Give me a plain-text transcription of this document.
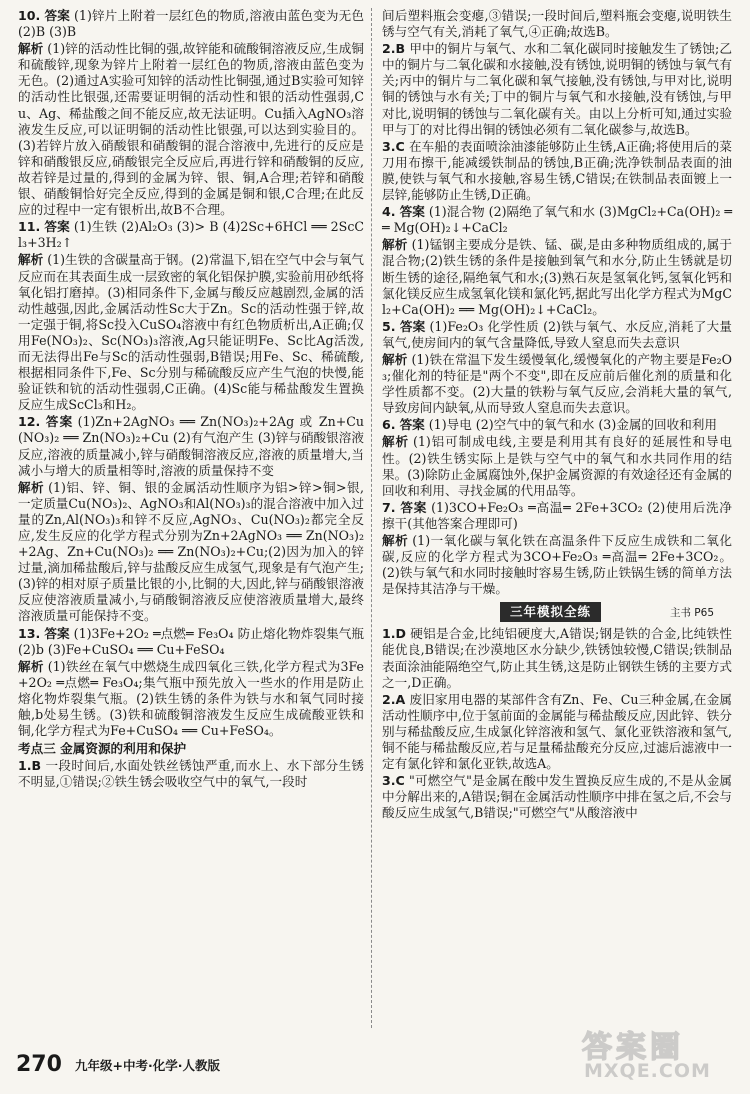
10. 答案 (1)锌片上附着一层红色的物质,溶液由蓝色变为无色 (2)B (3)B
解析 (1)锌的活动性比铜的强,故锌能和硫酸铜溶液反应,生成铜和硫酸锌,现象为锌片上附着一层红色的物质,溶液由蓝色变为无色。(2)通过A实验可知锌的活动性比铜强,通过B实验可知锌的活动性比银强,还需要证明铜的活动性和银的活动性强弱,Cu、Ag、稀盐酸之间不能反应,故无法证明。Cu插入AgNO₃溶液发生反应,可以证明铜的活动性比银强,可以达到实验目的。(3)若锌片放入硝酸银和硝酸铜的混合溶液中,先进行的反应是锌和硝酸银反应,硝酸银完全反应后,再进行锌和硝酸铜的反应,故若锌是过量的,得到的金属为锌、银、铜,A合理;若锌和硝酸银、硝酸铜恰好完全反应,得到的金属是铜和银,C合理;在此反应的过程中一定有银析出,故B不合理。
11. 答案 (1)生铁 (2)Al₂O₃ (3)> B (4)2Sc+6HCl ══ 2ScCl₃+3H₂↑
解析 (1)生铁的含碳量高于钢。(2)常温下,铝在空气中会与氧气反应而在其表面生成一层致密的氧化铝保护膜,实验前用砂纸将氧化铝打磨掉。(3)相同条件下,金属与酸反应越剧烈,金属的活动性越强,因此,金属活动性Sc大于Zn。Sc的活动性强于锌,故一定强于铜,将Sc投入CuSO₄溶液中有红色物质析出,A正确;仅用Fe(NO₃)₂、Sc(NO₃)₃溶液,Ag只能证明Fe、Sc比Ag活泼,而无法得出Fe与Sc的活动性强弱,B错误;用Fe、Sc、稀硫酸,根据相同条件下,Fe、Sc分别与稀硫酸反应产生气泡的快慢,能验证铁和钪的活动性强弱,C正确。(4)Sc能与稀盐酸发生置换反应生成ScCl₃和H₂。
12. 答案 (1)Zn+2AgNO₃ ══ Zn(NO₃)₂+2Ag 或 Zn+Cu(NO₃)₂ ══ Zn(NO₃)₂+Cu (2)有气泡产生 (3)锌与硝酸银溶液反应,溶液的质量减小,锌与硝酸铜溶液反应,溶液的质量增大,当减小与增大的质量相等时,溶液的质量保持不变
解析 (1)铝、锌、铜、银的金属活动性顺序为铝>锌>铜>银,一定质量Cu(NO₃)₂、AgNO₃和Al(NO₃)₃的混合溶液中加入过量的Zn,Al(NO₃)₃和锌不反应,AgNO₃、Cu(NO₃)₂都完全反应,发生反应的化学方程式分别为Zn+2AgNO₃ ══ Zn(NO₃)₂+2Ag、Zn+Cu(NO₃)₂ ══ Zn(NO₃)₂+Cu;(2)因为加入的锌过量,滴加稀盐酸后,锌与盐酸反应生成氢气,现象是有气泡产生;(3)锌的相对原子质量比银的小,比铜的大,因此,锌与硝酸银溶液反应使溶液质量减小,与硝酸铜溶液反应使溶液质量增大,最终溶液质量可能保持不变。
13. 答案 (1)3Fe+2O₂ ═点燃═ Fe₃O₄ 防止熔化物炸裂集气瓶 (2)b (3)Fe+CuSO₄ ══ Cu+FeSO₄
解析 (1)铁丝在氧气中燃烧生成四氧化三铁,化学方程式为3Fe+2O₂ ═点燃═ Fe₃O₄;集气瓶中预先放入一些水的作用是防止熔化物炸裂集气瓶。(2)铁生锈的条件为铁与水和氧气同时接触,b处易生锈。(3)铁和硫酸铜溶液发生反应生成硫酸亚铁和铜,化学方程式为Fe+CuSO₄ ══ Cu+FeSO₄。
考点三 金属资源的利用和保护
1.B 一段时间后,水面处铁丝锈蚀严重,而水上、水下部分生锈不明显,①错误;②铁生锈会吸收空气中的氧气,一段时
间后塑料瓶会变瘪,③错误;一段时间后,塑料瓶会变瘪,说明铁生锈与空气有关,消耗了氧气,④正确;故选B。
2.B 甲中的铜片与氧气、水和二氧化碳同时接触发生了锈蚀;乙中的铜片与二氧化碳和水接触,没有锈蚀,说明铜的锈蚀与氧气有关;丙中的铜片与二氧化碳和氧气接触,没有锈蚀,与甲对比,说明铜的锈蚀与水有关;丁中的铜片与氧气和水接触,没有锈蚀,与甲对比,说明铜的锈蚀与二氧化碳有关。由以上分析可知,通过实验甲与丁的对比得出铜的锈蚀必须有二氧化碳参与,故选B。
3.C 在车船的表面喷涂油漆能够防止生锈,A正确;将使用后的菜刀用布擦干,能减缓铁制品的锈蚀,B正确;洗净铁制品表面的油膜,使铁与氧气和水接触,容易生锈,C错误;在铁制品表面镀上一层锌,能够防止生锈,D正确。
4. 答案 (1)混合物 (2)隔绝了氧气和水 (3)MgCl₂+Ca(OH)₂ ══ Mg(OH)₂↓+CaCl₂
解析 (1)锰钢主要成分是铁、锰、碳,是由多种物质组成的,属于混合物;(2)铁生锈的条件是接触到氧气和水分,防止生锈就是切断生锈的途径,隔绝氧气和水;(3)熟石灰是氢氧化钙,氢氧化钙和氯化镁反应生成氢氧化镁和氯化钙,据此写出化学方程式为MgCl₂+Ca(OH)₂ ══ Mg(OH)₂↓+CaCl₂。
5. 答案 (1)Fe₂O₃ 化学性质 (2)铁与氧气、水反应,消耗了大量氧气,使房间内的氧气含量降低,导致人窒息而失去意识
解析 (1)铁在常温下发生缓慢氧化,缓慢氧化的产物主要是Fe₂O₃;催化剂的特征是"两个不变",即在反应前后催化剂的质量和化学性质都不变。(2)大量的铁粉与氧气反应,会消耗大量的氧气,导致房间内缺氧,从而导致人窒息而失去意识。
6. 答案 (1)导电 (2)空气中的氧气和水 (3)金属的回收和利用
解析 (1)铝可制成电线,主要是利用其有良好的延展性和导电性。(2)铁生锈实际上是铁与空气中的氧气和水共同作用的结果。(3)除防止金属腐蚀外,保护金属资源的有效途径还有金属的回收和利用、寻找金属的代用品等。
7. 答案 (1)3CO+Fe₂O₃ ═高温═ 2Fe+3CO₂ (2)使用后洗净擦干(其他答案合理即可)
解析 (1)一氧化碳与氧化铁在高温条件下反应生成铁和二氧化碳,反应的化学方程式为3CO+Fe₂O₃ ═高温═ 2Fe+3CO₂。(2)铁与氧气和水同时接触时容易生锈,防止铁锅生锈的简单方法是保持其洁净与干燥。
三年模拟全练	主书 P65
1.D 硬铝是合金,比纯铝硬度大,A错误;钢是铁的合金,比纯铁性能优良,B错误;在沙漠地区水分缺少,铁锈蚀较慢,C错误;铁制品表面涂油能隔绝空气,防止其生锈,这是防止钢铁生锈的主要方式之一,D正确。
2.A 废旧家用电器的某部件含有Zn、Fe、Cu三种金属,在金属活动性顺序中,位于氢前面的金属能与稀盐酸反应,因此锌、铁分别与稀盐酸反应,生成氯化锌溶液和氢气、氯化亚铁溶液和氢气,铜不能与稀盐酸反应,若与足量稀盐酸充分反应,过滤后滤液中一定有氯化锌和氯化亚铁,故选A。
3.C "可燃空气"是金属在酸中发生置换反应生成的,不是从金属中分解出来的,A错误;铜在金属活动性顺序中排在氢之后,不会与酸反应生成氢气,B错误;"可燃空气"从酸溶液中
270 九年级+中考·化学·人教版	答案圈
MXQE.COM
